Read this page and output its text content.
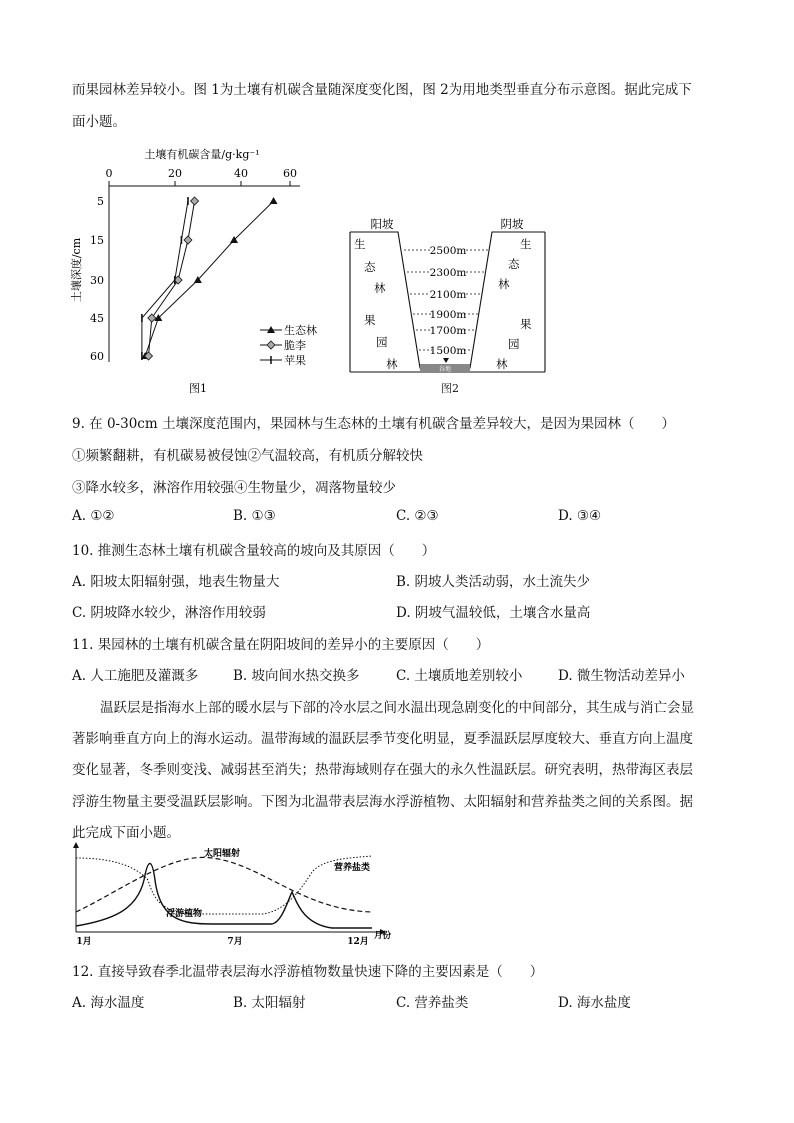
而果园林差异较小。图 1为土壤有机碳含量随深度变化图，图 2为用地类型垂直分布示意图。据此完成下
面小题。
土壤有机碳含量/g·kg⁻¹
0	20	40	60
5
15
30
45
60
土壤深度/cm
生态林
脆李
苹果
图1
阳坡	阴坡
谷地
2500m
2300m
2100m
1900m
1700m
1500m
生
态
林
果
园
林
生
态
林
果
园
林
图2
9. 在 0-30cm 土壤深度范围内，果园林与生态林的土壤有机碳含量差异较大，是因为果园林（　　）
①频繁翻耕，有机碳易被侵蚀②气温较高，有机质分解较快
③降水较多，淋溶作用较强④生物量少，凋落物量较少
A. ①②	B. ①③	C. ②③	D. ③④
10. 推测生态林土壤有机碳含量较高的坡向及其原因（　　）
A. 阳坡太阳辐射强，地表生物量大	B. 阴坡人类活动弱，水土流失少
C. 阴坡降水较少，淋溶作用较弱	D. 阴坡气温较低，土壤含水量高
11. 果园林的土壤有机碳含量在阴阳坡间的差异小的主要原因（　　）
A. 人工施肥及灌溉多	B. 坡向间水热交换多	C. 土壤质地差别较小	D. 微生物活动差异小
温跃层是指海水上部的暖水层与下部的冷水层之间水温出现急剧变化的中间部分，其生成与消亡会显
著影响垂直方向上的海水运动。温带海域的温跃层季节变化明显，夏季温跃层厚度较大、垂直方向上温度
变化显著，冬季则变浅、减弱甚至消失；热带海域则存在强大的永久性温跃层。研究表明，热带海区表层
浮游生物量主要受温跃层影响。下图为北温带表层海水浮游植物、太阳辐射和营养盐类之间的关系图。据
此完成下面小题。
太阳辐射
营养盐类
浮游植物
1月	7月	12月
月份
12. 直接导致春季北温带表层海水浮游植物数量快速下降的主要因素是（　　）
A. 海水温度	B. 太阳辐射	C. 营养盐类	D. 海水盐度
